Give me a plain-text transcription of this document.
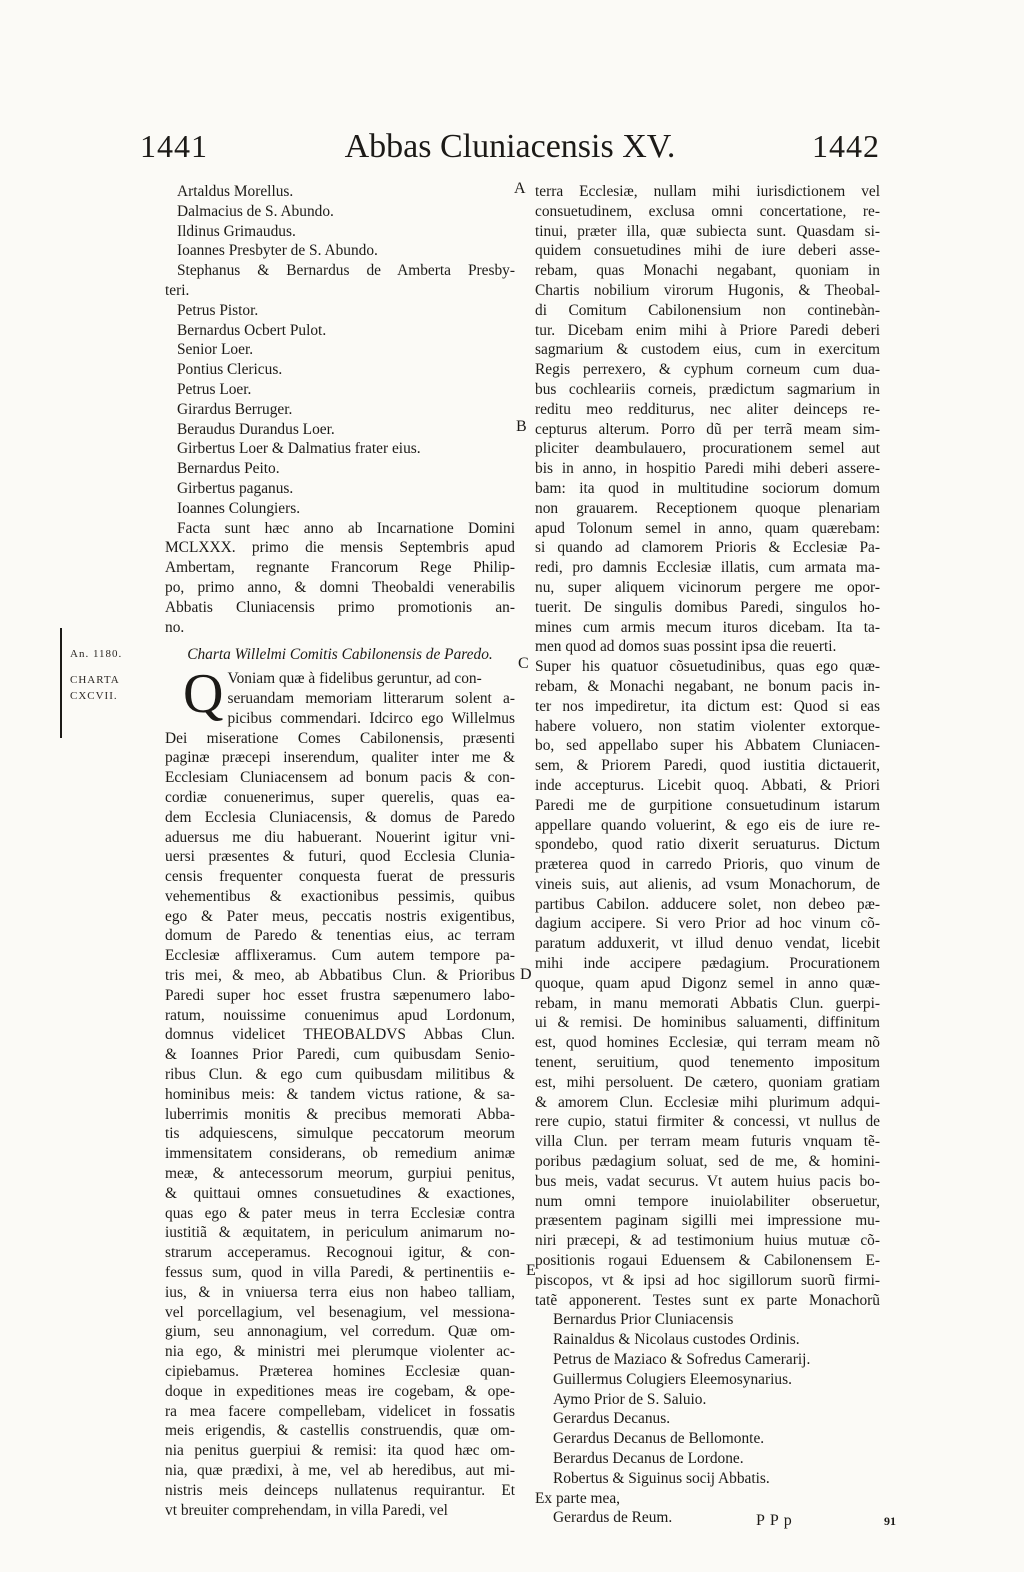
1441	Abbas Cluniacensis XV.	1442
An. 1180.
CHARTA
CXCVII.
A
B
C
D
E
Artaldus Morellus.
Dalmacius de S. Abundo.
Ildinus Grimaudus.
Ioannes Presbyter de S. Abundo.
Stephanus & Bernardus de Amberta Presby-
teri.
Petrus Pistor.
Bernardus Ocbert Pulot.
Senior Loer.
Pontius Clericus.
Petrus Loer.
Girardus Berruger.
Beraudus Durandus Loer.
Girbertus Loer & Dalmatius frater eius.
Bernardus Peito.
Girbertus paganus.
Ioannes Colungiers.
Facta sunt hæc anno ab Incarnatione Domini
MCLXXX. primo die mensis Septembris apud
Ambertam, regnante Francorum Rege Philip-
po, primo anno, & domni Theobaldi venerabilis
Abbatis Cluniacensis primo promotionis an-
no.
Charta Willelmi Comitis Cabilonensis de Paredo.
Q Voniam quæ à fidelibus geruntur, ad con-
seruandam memoriam litterarum solent a-
picibus commendari. Idcirco ego Willelmus
Dei miseratione Comes Cabilonensis, præsenti
paginæ præcepi inserendum, qualiter inter me &
Ecclesiam Cluniacensem ad bonum pacis & con-
cordiæ conuenerimus, super querelis, quas ea-
dem Ecclesia Cluniacensis, & domus de Paredo
aduersus me diu habuerant. Nouerint igitur vni-
uersi præsentes & futuri, quod Ecclesia Clunia-
censis frequenter conquesta fuerat de pressuris
vehementibus & exactionibus pessimis, quibus
ego & Pater meus, peccatis nostris exigentibus,
domum de Paredo & tenentias eius, ac terram
Ecclesiæ afflixeramus. Cum autem tempore pa-
tris mei, & meo, ab Abbatibus Clun. & Prioribus
Paredi super hoc esset frustra sæpenumero labo-
ratum, nouissime conuenimus apud Lordonum,
domnus videlicet THEOBALDVS Abbas Clun.
& Ioannes Prior Paredi, cum quibusdam Senio-
ribus Clun. & ego cum quibusdam militibus &
hominibus meis: & tandem victus ratione, & sa-
luberrimis monitis & precibus memorati Abba-
tis adquiescens, simulque peccatorum meorum
immensitatem considerans, ob remedium animæ
meæ, & antecessorum meorum, gurpiui penitus,
& quittaui omnes consuetudines & exactiones,
quas ego & pater meus in terra Ecclesiæ contra
iustitiã & æquitatem, in periculum animarum no-
strarum acceperamus. Recognoui igitur, & con-
fessus sum, quod in villa Paredi, & pertinentiis e-
ius, & in vniuersa terra eius non habeo talliam,
vel porcellagium, vel besenagium, vel messiona-
gium, seu annonagium, vel corredum. Quæ om-
nia ego, & ministri mei plerumque violenter ac-
cipiebamus. Præterea homines Ecclesiæ quan-
doque in expeditiones meas ire cogebam, & ope-
ra mea facere compellebam, videlicet in fossatis
meis erigendis, & castellis construendis, quæ om-
nia penitus guerpiui & remisi: ita quod hæc om-
nia, quæ prædixi, à me, vel ab heredibus, aut mi-
nistris meis deinceps nullatenus requirantur. Et
vt breuiter comprehendam, in villa Paredi, vel
terra Ecclesiæ, nullam mihi iurisdictionem vel
consuetudinem, exclusa omni concertatione, re-
tinui, præter illa, quæ subiecta sunt. Quasdam si-
quidem consuetudines mihi de iure deberi asse-
rebam, quas Monachi negabant, quoniam in
Chartis nobilium virorum Hugonis, & Theobal-
di Comitum Cabilonensium non continebàn-
tur. Dicebam enim mihi à Priore Paredi deberi
sagmarium & custodem eius, cum in exercitum
Regis perrexero, & cyphum corneum cum dua-
bus cochleariis corneis, prædictum sagmarium in
reditu meo redditurus, nec aliter deinceps re-
cepturus alterum. Porro dũ per terrã meam sim-
pliciter deambulauero, procurationem semel aut
bis in anno, in hospitio Paredi mihi deberi assere-
bam: ita quod in multitudine sociorum domum
non grauarem. Receptionem quoque plenariam
apud Tolonum semel in anno, quam quærebam:
si quando ad clamorem Prioris & Ecclesiæ Pa-
redi, pro damnis Ecclesiæ illatis, cum armata ma-
nu, super aliquem vicinorum pergere me opor-
tuerit. De singulis domibus Paredi, singulos ho-
mines cum armis mecum ituros dicebam. Ita ta-
men quod ad domos suas possint ipsa die reuerti.
Super his quatuor cõsuetudinibus, quas ego quæ-
rebam, & Monachi negabant, ne bonum pacis in-
ter nos impediretur, ita dictum est: Quod si eas
habere voluero, non statim violenter extorque-
bo, sed appellabo super his Abbatem Cluniacen-
sem, & Priorem Paredi, quod iustitia dictauerit,
inde accepturus. Licebit quoq. Abbati, & Priori
Paredi me de gurpitione consuetudinum istarum
appellare quando voluerint, & ego eis de iure re-
spondebo, quod ratio dixerit seruaturus. Dictum
præterea quod in carredo Prioris, quo vinum de
vineis suis, aut alienis, ad vsum Monachorum, de
partibus Cabilon. adducere solet, non debeo pæ-
dagium accipere. Si vero Prior ad hoc vinum cõ-
paratum adduxerit, vt illud denuo vendat, licebit
mihi inde accipere pædagium. Procurationem
quoque, quam apud Digonz semel in anno quæ-
rebam, in manu memorati Abbatis Clun. guerpi-
ui & remisi. De hominibus saluamenti, diffinitum
est, quod homines Ecclesiæ, qui terram meam nõ
tenent, seruitium, quod tenemento impositum
est, mihi persoluent. De cætero, quoniam gratiam
& amorem Clun. Ecclesiæ mihi plurimum adqui-
rere cupio, statui firmiter & concessi, vt nullus de
villa Clun. per terram meam futuris vnquam tẽ-
poribus pædagium soluat, sed de me, & homini-
bus meis, vadat securus. Vt autem huius pacis bo-
num omni tempore inuiolabiliter obseruetur,
præsentem paginam sigilli mei impressione mu-
niri præcepi, & ad testimonium huius mutuæ cõ-
positionis rogaui Eduensem & Cabilonensem E-
piscopos, vt & ipsi ad hoc sigillorum suorũ firmi-
tatẽ apponerent. Testes sunt ex parte Monachorũ
Bernardus Prior Cluniacensis
Rainaldus & Nicolaus custodes Ordinis.
Petrus de Maziaco & Sofredus Camerarij.
Guillermus Colugiers Eleemosynarius.
Aymo Prior de S. Saluio.
Gerardus Decanus.
Gerardus Decanus de Bellomonte.
Berardus Decanus de Lordone.
Robertus & Siguinus socij Abbatis.
Ex parte mea,
Gerardus de Reum.	PPp	91
